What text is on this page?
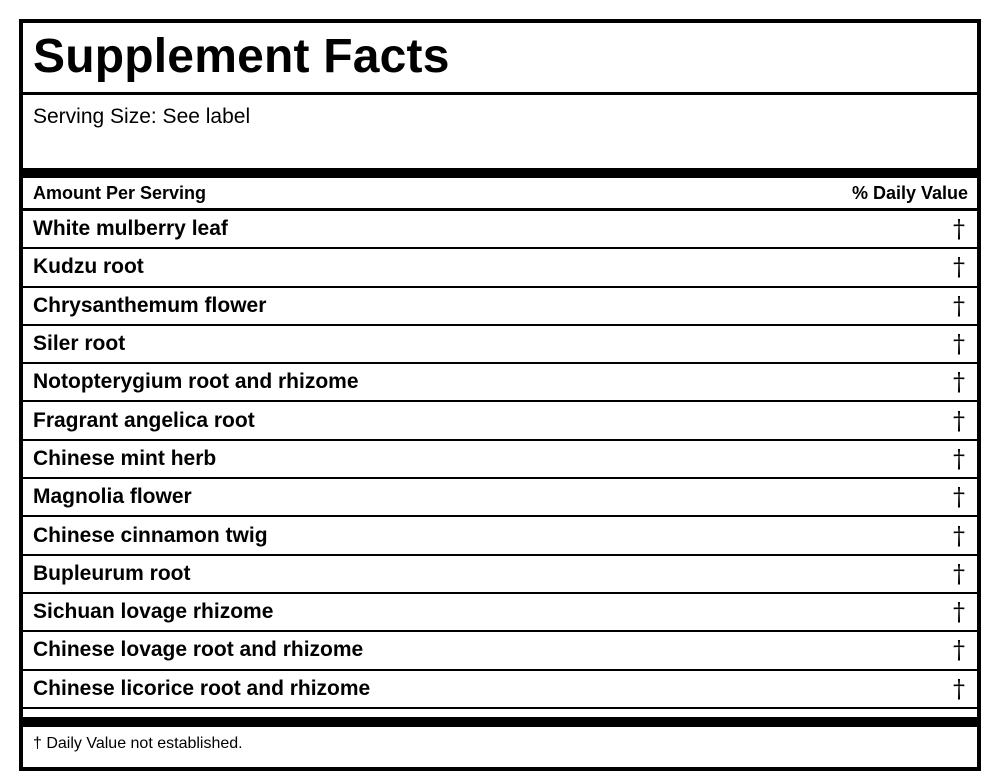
Supplement Facts
Serving Size: See label
Amount Per Serving	% Daily Value
White mulberry leaf	†
Kudzu root	†
Chrysanthemum flower	†
Siler root	†
Notopterygium root and rhizome	†
Fragrant angelica root	†
Chinese mint herb	†
Magnolia flower	†
Chinese cinnamon twig	†
Bupleurum root	†
Sichuan lovage rhizome	†
Chinese lovage root and rhizome	†
Chinese licorice root and rhizome	†
† Daily Value not established.
